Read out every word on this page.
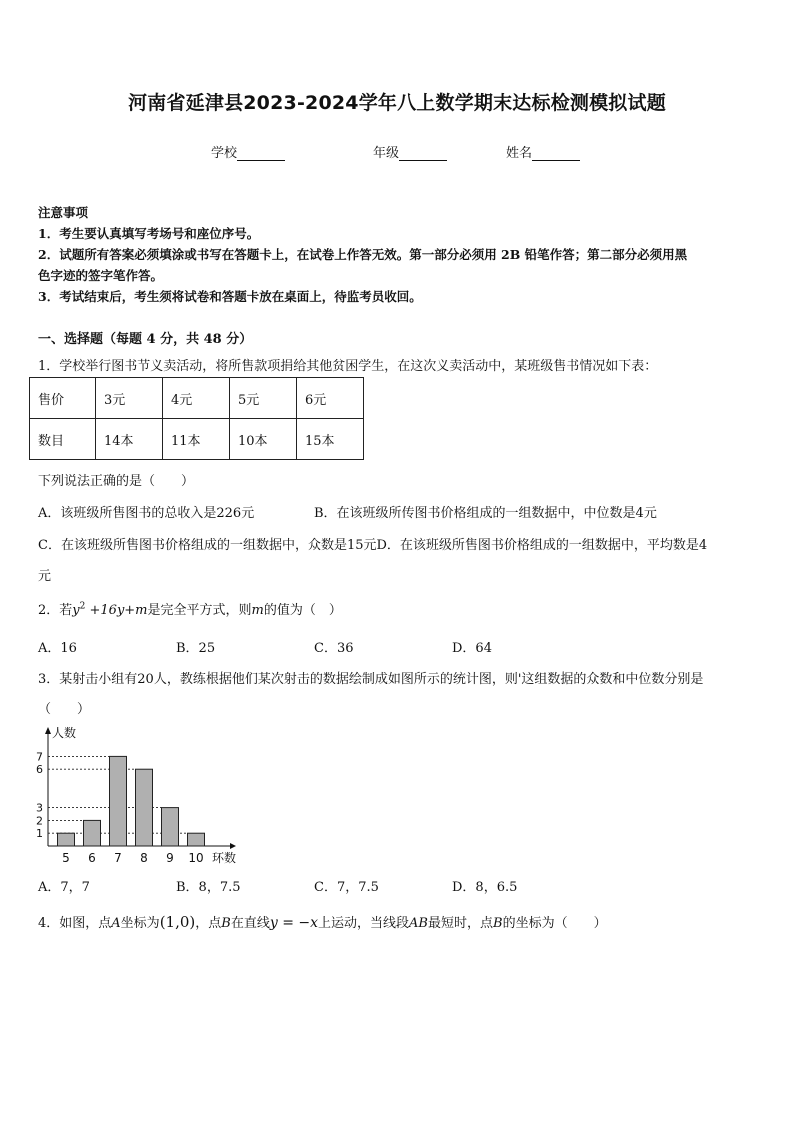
河南省延津县2023-2024学年八上数学期末达标检测模拟试题
学校	年级	姓名
注意事项
1．考生要认真填写考场号和座位序号。
2．试题所有答案必须填涂或书写在答题卡上，在试卷上作答无效。第一部分必须用 2B 铅笔作答；第二部分必须用黑
色字迹的签字笔作答。
3．考试结束后，考生须将试卷和答题卡放在桌面上，待监考员收回。
一、选择题（每题 4 分，共 48 分）
1．学校举行图书节义卖活动，将所售款项捐给其他贫困学生，在这次义卖活动中，某班级售书情况如下表：
售价	3元	4元	5元	6元
数目	14本	11本	10本	15本
下列说法正确的是（　　）
A．该班级所售图书的总收入是226元	B．在该班级所传图书价格组成的一组数据中，中位数是4元
C．在该班级所售图书价格组成的一组数据中，众数是15元D．在该班级所售图书价格组成的一组数据中，平均数是4
元
2．若$y^2 +16y+m$是完全平方式，则m的值为（　）
A．16	B．25	C．36	D．64
3．某射击小组有20人，教练根据他们某次射击的数据绘制成如图所示的统计图，则'这组数据的众数和中位数分别是
（　　）
人数
环数
1
2
3
6
7
5 6 7 8 9 10
A．7，7	B．8，7.5	C．7，7.5	D．8，6.5
4．如图，点A坐标为(1,0)，点B在直线y = −x上运动，当线段AB最短时，点B的坐标为（　　）
